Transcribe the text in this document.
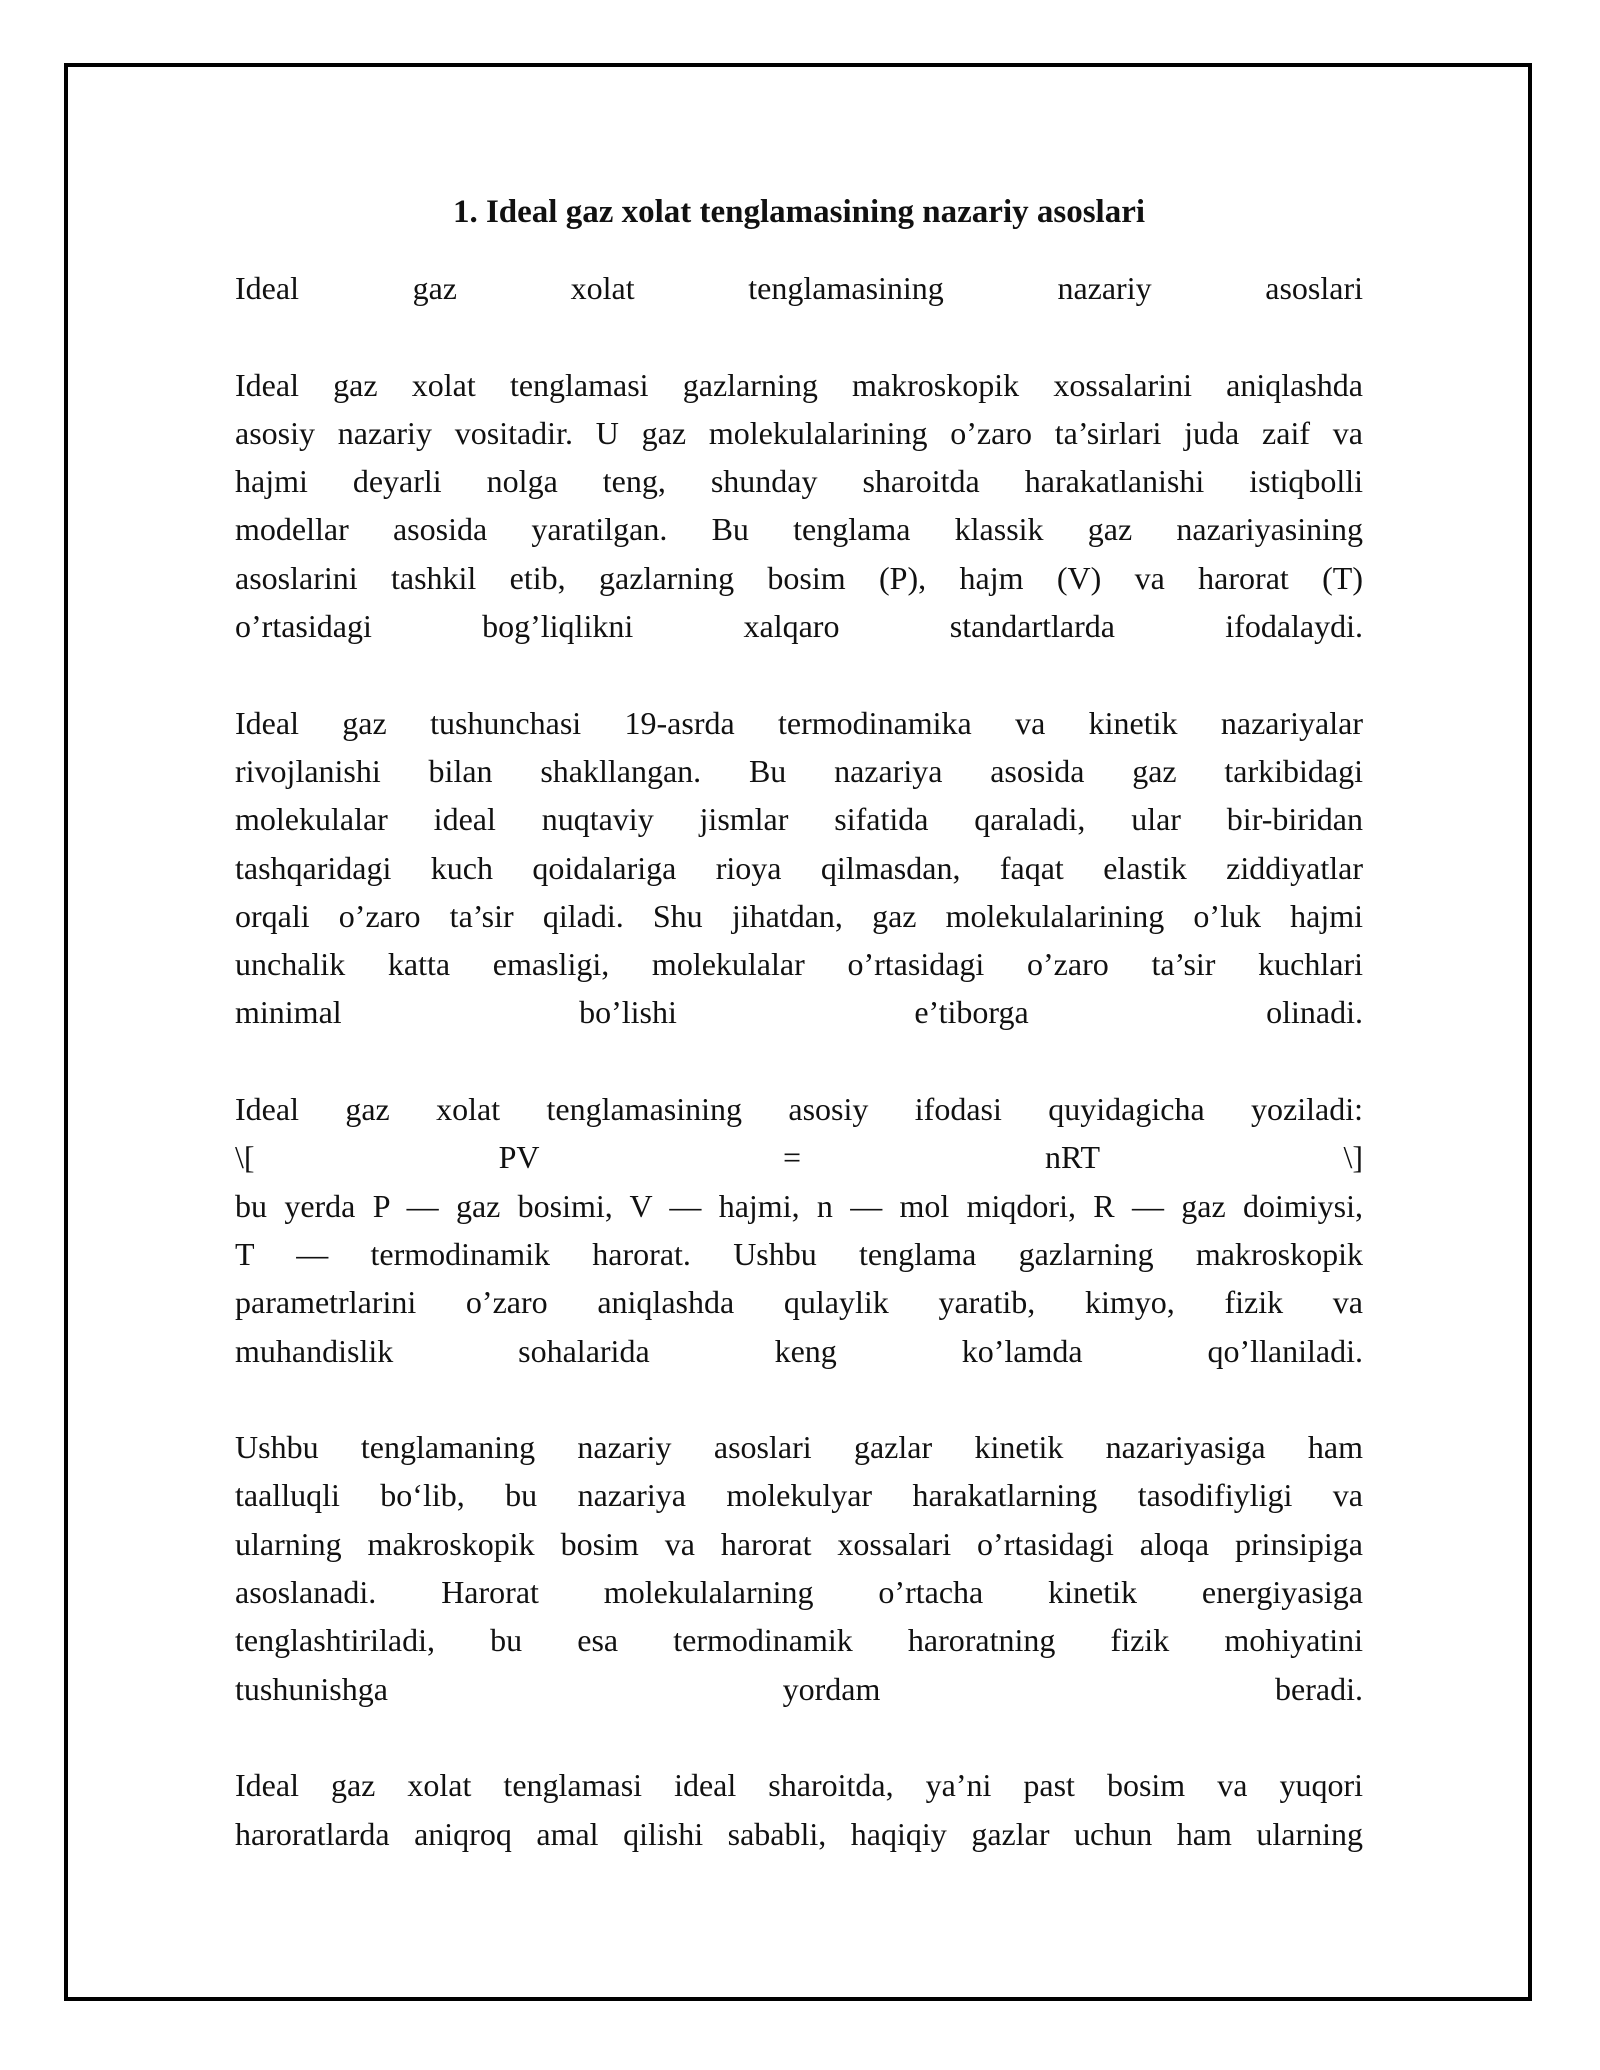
1. Ideal gaz xolat tenglamasining nazariy asoslari
Ideal gaz xolat tenglamasining nazariy asoslari
Ideal gaz xolat tenglamasi gazlarning makroskopik xossalarini aniqlashda
asosiy nazariy vositadir. U gaz molekulalarining o’zaro ta’sirlari juda zaif va
hajmi deyarli nolga teng, shunday sharoitda harakatlanishi istiqbolli
modellar asosida yaratilgan. Bu tenglama klassik gaz nazariyasining
asoslarini tashkil etib, gazlarning bosim (P), hajm (V) va harorat (T)
o’rtasidagi bog’liqlikni xalqaro standartlarda ifodalaydi.
Ideal gaz tushunchasi 19-asrda termodinamika va kinetik nazariyalar
rivojlanishi bilan shakllangan. Bu nazariya asosida gaz tarkibidagi
molekulalar ideal nuqtaviy jismlar sifatida qaraladi, ular bir-biridan
tashqaridagi kuch qoidalariga rioya qilmasdan, faqat elastik ziddiyatlar
orqali o’zaro ta’sir qiladi. Shu jihatdan, gaz molekulalarining o’luk hajmi
unchalik katta emasligi, molekulalar o’rtasidagi o’zaro ta’sir kuchlari
minimal bo’lishi e’tiborga olinadi.
Ideal gaz xolat tenglamasining asosiy ifodasi quyidagicha yoziladi:
\[ PV = nRT \]
bu yerda P — gaz bosimi, V — hajmi, n — mol miqdori, R — gaz doimiysi,
T — termodinamik harorat. Ushbu tenglama gazlarning makroskopik
parametrlarini o’zaro aniqlashda qulaylik yaratib, kimyo, fizik va
muhandislik sohalarida keng ko’lamda qo’llaniladi.
Ushbu tenglamaning nazariy asoslari gazlar kinetik nazariyasiga ham
taalluqli bo‘lib, bu nazariya molekulyar harakatlarning tasodifiyligi va
ularning makroskopik bosim va harorat xossalari o’rtasidagi aloqa prinsipiga
asoslanadi. Harorat molekulalarning o’rtacha kinetik energiyasiga
tenglashtiriladi, bu esa termodinamik haroratning fizik mohiyatini
tushunishga yordam beradi.
Ideal gaz xolat tenglamasi ideal sharoitda, ya’ni past bosim va yuqori
haroratlarda aniqroq amal qilishi sababli, haqiqiy gazlar uchun ham ularning
